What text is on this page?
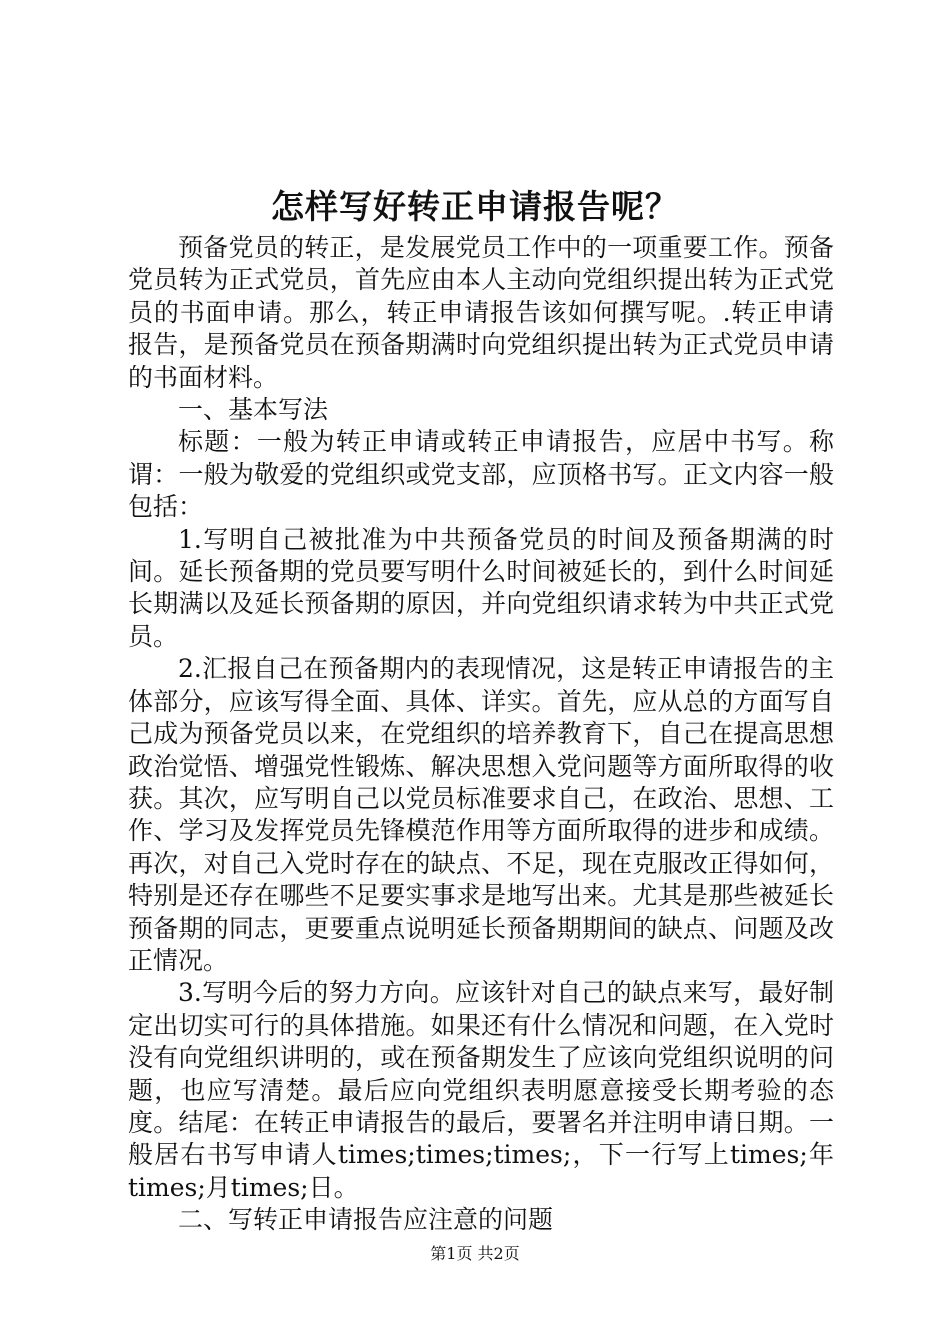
怎样写好转正申请报告呢？

预备党员的转正，是发展党员工作中的一项重要工作。预备党员转为正式党员，首先应由本人主动向党组织提出转为正式党员的书面申请。那么，转正申请报告该如何撰写呢。.转正申请报告，是预备党员在预备期满时向党组织提出转为正式党员申请的书面材料。

一、基本写法

标题：一般为转正申请或转正申请报告，应居中书写。称谓：一般为敬爱的党组织或党支部，应顶格书写。正文内容一般包括：

1.写明自己被批准为中共预备党员的时间及预备期满的时间。延长预备期的党员要写明什么时间被延长的，到什么时间延长期满以及延长预备期的原因，并向党组织请求转为中共正式党员。

2.汇报自己在预备期内的表现情况，这是转正申请报告的主体部分，应该写得全面、具体、详实。首先，应从总的方面写自己成为预备党员以来，在党组织的培养教育下，自己在提高思想政治觉悟、增强党性锻炼、解决思想入党问题等方面所取得的收获。其次，应写明自己以党员标准要求自己，在政治、思想、工作、学习及发挥党员先锋模范作用等方面所取得的进步和成绩。再次，对自己入党时存在的缺点、不足，现在克服改正得如何，特别是还存在哪些不足要实事求是地写出来。尤其是那些被延长预备期的同志，更要重点说明延长预备期期间的缺点、问题及改正情况。

3.写明今后的努力方向。应该针对自己的缺点来写，最好制定出切实可行的具体措施。如果还有什么情况和问题，在入党时没有向党组织讲明的，或在预备期发生了应该向党组织说明的问题，也应写清楚。最后应向党组织表明愿意接受长期考验的态度。结尾：在转正申请报告的最后，要署名并注明申请日期。一般居右书写申请人times;times;times;，下一行写上times;年times;月times;日。

二、写转正申请报告应注意的问题

第1页 共2页
